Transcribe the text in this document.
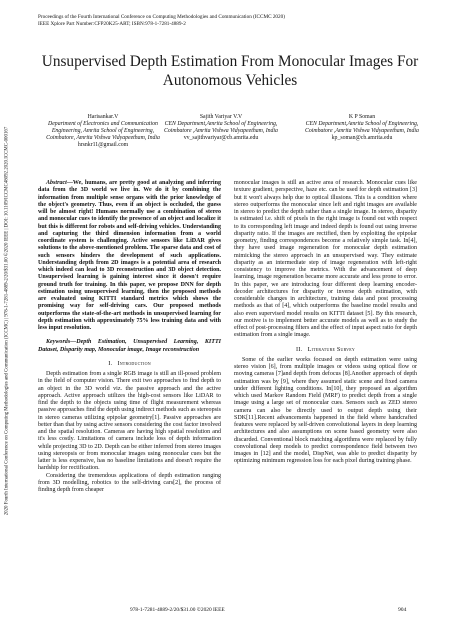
Proceedings of the Fourth International Conference on Computing Methodologies and Communication (ICCMC 2020)
IEEE Xplore Part Number:CFP20K25-ART; ISBN:978-1-7281-4889-2
2020 Fourth International Conference on Computing Methodologies and Communication (ICCMC) | 978-1-7281-4889-2/20/$31.00 ©2020 IEEE | DOI: 10.1109/ICCMC48092.2020.ICCMC-000167
Unsupervised Depth Estimation From Monocular Images For Autonomous Vehicles
Harisankar.V
Department of Electronics and Communication Engineering, Amrita School of Engineering, Coimbatore, Amrita Vishwa Vidyapeetham, India
hrsnkr11@gmail.com
Sajith Variyar V.V
CEN Department,Amrita School of Engineering, Coimbatore ,Amrita Vishwa Vidyapeetham, India
vv_sajithvariyar@cb.amrita.edu
K P Soman
CEN Department,Amrita School of Engineering, Coimbatore ,Amrita Vishwa Vidyapeetham, India
kp_soman@cb.amrita.edu

Abstract—We, humans, are pretty good at analyzing and inferring data from the 3D world we live in. We do it by combining the information from multiple sense organs with the prior knowledge of the object's geometry. Thus, even if an object is occluded, the guess will be almost right! Humans normally use a combination of stereo and monocular cues to identify the presence of an object and localize it but this is different for robots and self-driving vehicles. Understanding and capturing the third dimension information from a world coordinate system is challenging. Active sensors like LiDAR gives solutions to the above-mentioned problem. The sparse data and cost of such sensors hinders the development of such applications. Understanding depth from 2D images is a potential area of research which indeed can lead to 3D reconstruction and 3D object detection. Unsupervised learning is gaining interest since it doesn't require ground truth for training. In this paper, we propose DNN for depth estimation using unsupervised learning, then the proposed methods are evaluated using KITTI standard metrics which shows the promising way for self-driving cars. Our proposed methods outperforms the state-of-the-art methods in unsupervised learning for depth estimation with approximately 75% less training data and with less input resolution.

Keywords—Depth Estimation, Unsupervised Learning, KITTI Dataset, Disparity map, Monocular image, Image reconstruction

I. Introduction

Depth estimation from a single RGB image is still an ill-posed problem in the field of computer vision. There exit two approaches to find depth to an object in the 3D world viz. the passive approach and the active approach. Active approach utilizes the high-cost sensors like LiDAR to find the depth to the objects using time of flight measurement whereas passive approaches find the depth using indirect methods such as stereopsis in stereo cameras utilizing epipolar geometry[1]. Passive approaches are better than that by using active sensors considering the cost factor involved and the spatial resolution. Cameras are having high spatial resolution and it's less costly. Limitations of camera include loss of depth information while projecting 3D to 2D. Depth can be either inferred from stereo images using stereopsis or from monocular images using monocular cues but the latter is less expensive, has no baseline limitations and doesn't require the hardship for rectification.

Considering the tremendous applications of depth estimation ranging from 3D modelling, robotics to the self-driving cars[2], the process of finding depth from cheaper

monocular images is still an active area of research. Monocular cues like texture gradient, perspective, haze etc. can be used for depth estimation [3] but it won't always help due to optical illusions. This is a condition where stereo outperforms the monocular since left and right images are available in stereo to predict the depth rather than a single image. In stereo, disparity is estimated i.e. shift of pixels in the right image is found out with respect to its corresponding left image and indeed depth is found out using inverse disparity ratio. If the images are rectified, then by exploiting the epipolar geometry, finding correspondences become a relatively simple task. In[4], they have used image regeneration for monocular depth estimation mimicking the stereo approach in an unsupervised way. They estimate disparity as an intermediate step of image regeneration with left-right consistency to improve the metrics. With the advancement of deep learning, image regeneration became more accurate and less prone to error. In this paper, we are introducing four different deep learning encoder-decoder architectures for disparity or inverse depth estimation, with considerable changes in architecture, training data and post processing methods as that of [4], which outperforms the baseline model results and also even supervised model results on KITTI dataset [5]. By this research, our motive is to implement better accurate models as well as to study the effect of post-processing filters and the effect of input aspect ratio for depth estimation from a single image.

II. Literature Survey

Some of the earlier works focused on depth estimation were using stereo vision [6], from multiple images or videos using optical flow or moving cameras [7]and depth from defocus [8].Another approach of depth estimation was by [9], where they assumed static scene and fixed camera under different lighting conditions. In[10], they proposed an algorithm which used Markov Random Field (MRF) to predict depth from a single image using a large set of monocular cues. Sensors such as ZED stereo camera can also be directly used to output depth using their SDK[11].Recent advancements happened in the field where handcrafted features were replaced by self-driven convolutional layers in deep learning architectures and also assumptions on scene based geometry were also discarded. Conventional block matching algorithms were replaced by fully convolutional deep models to predict correspondence field between two images in [12] and the model, DispNet, was able to predict disparity by optimizing minimum regression loss for each pixel during training phase.

978-1-7281-4889-2/20/$31.00 ©2020 IEEE	904
